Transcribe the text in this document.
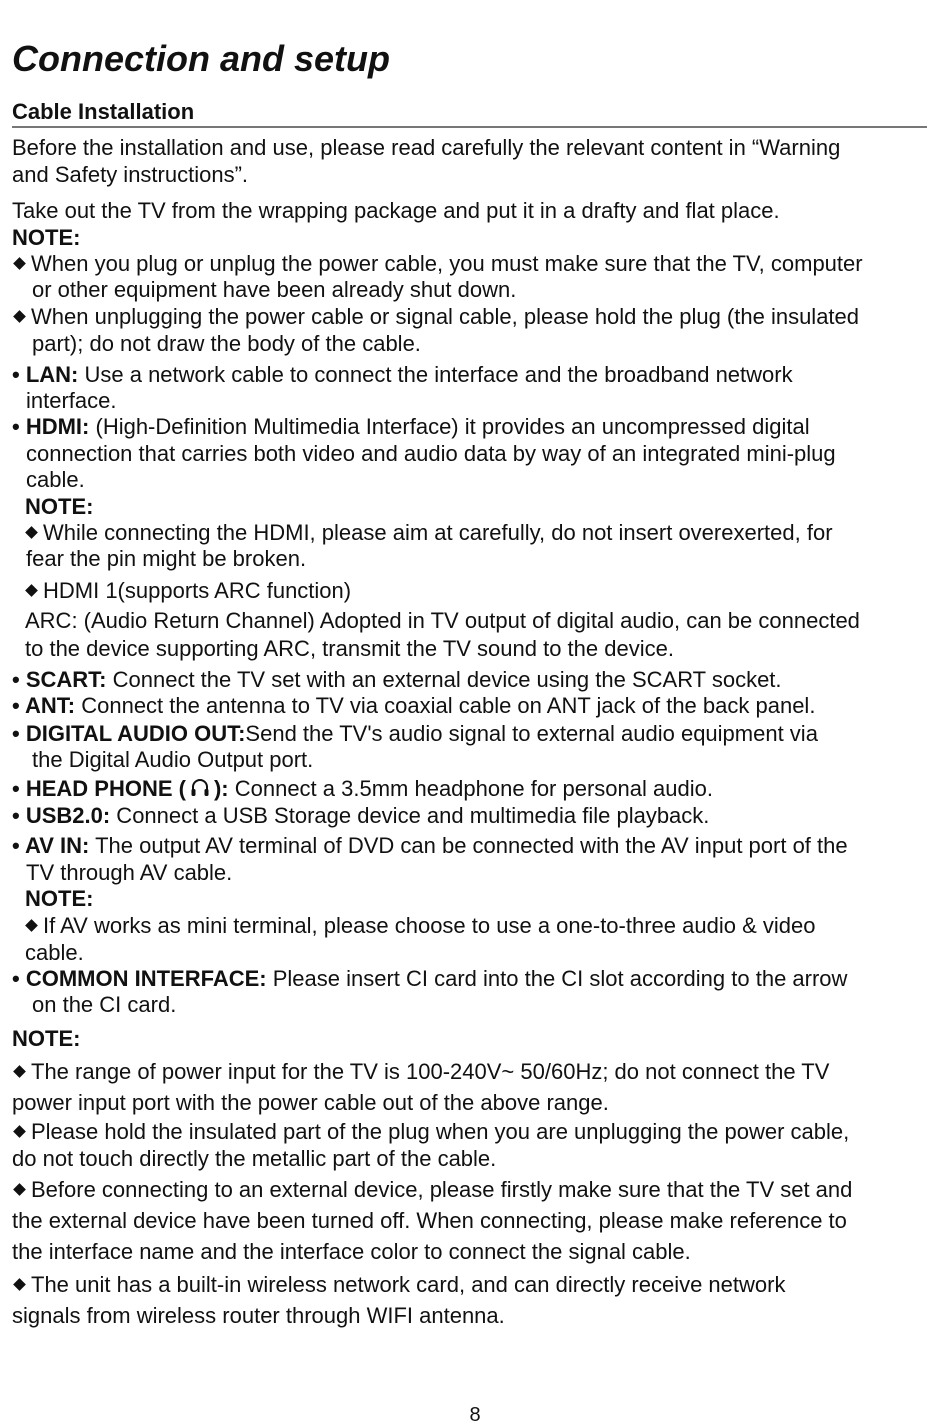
Connection and setup
Cable Installation
Before the installation and use, please read carefully the relevant content in “Warning
and Safety instructions”.
Take out the TV from the wrapping package and put it in a drafty and flat place.
NOTE:
When you plug or unplug the power cable, you must make sure that the TV, computer
or other equipment have been already shut down.
When unplugging the power cable or signal cable, please hold the plug (the insulated
part); do not draw the body of the cable.
• LAN: Use a network cable to connect the interface and the broadband network
interface.
• HDMI: (High-Definition Multimedia Interface) it provides an uncompressed digital
connection that carries both video and audio data by way of an integrated mini-plug
cable.
NOTE:
While connecting the HDMI, please aim at carefully, do not insert overexerted, for
fear the pin might be broken.
HDMI 1(supports ARC function)
ARC: (Audio Return Channel) Adopted in TV output of digital audio, can be connected
to the device supporting ARC, transmit the TV sound to the device.
• SCART: Connect the TV set with an external device using the SCART socket.
• ANT: Connect the antenna to TV via coaxial cable on ANT jack of the back panel.
• DIGITAL AUDIO OUT:Send the TV's audio signal to external audio equipment via
the Digital Audio Output port.
• HEAD PHONE ( ): Connect a 3.5mm headphone for personal audio.
• USB2.0: Connect a USB Storage device and multimedia file playback.
• AV IN: The output AV terminal of DVD can be connected with the AV input port of the
TV through AV cable.
NOTE:
If AV works as mini terminal, please choose to use a one-to-three audio & video
cable.
• COMMON INTERFACE: Please insert CI card into the CI slot according to the arrow
on the CI card.
NOTE:
The range of power input for the TV is 100-240V~ 50/60Hz; do not connect the TV
power input port with the power cable out of the above range.
Please hold the insulated part of the plug when you are unplugging the power cable,
do not touch directly the metallic part of the cable.
Before connecting to an external device, please firstly make sure that the TV set and
the external device have been turned off. When connecting, please make reference to
the interface name and the interface color to connect the signal cable.
The unit has a built-in wireless network card, and can directly receive network
signals from wireless router through WIFI antenna.
8
